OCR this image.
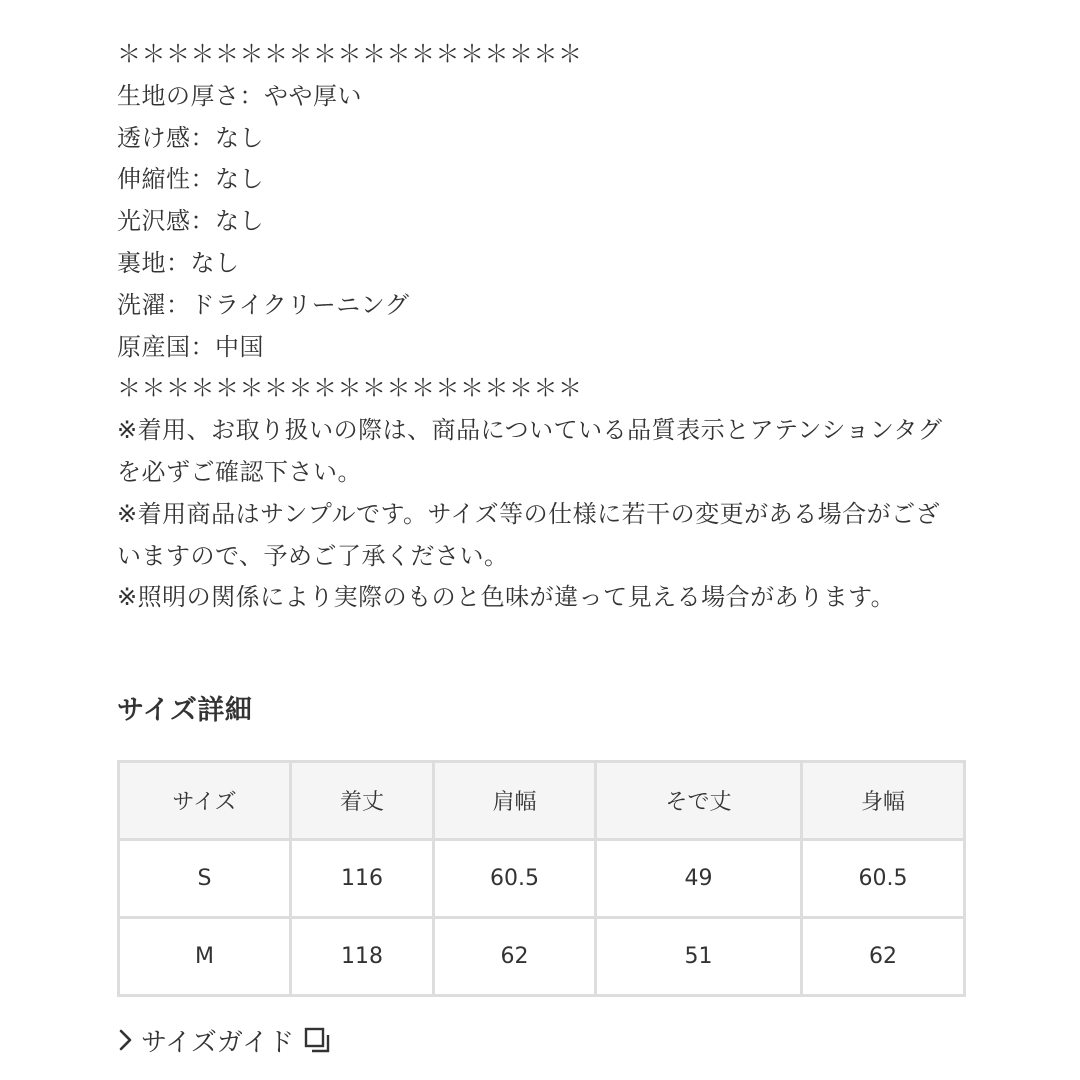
＊＊＊＊＊＊＊＊＊＊＊＊＊＊＊＊＊＊＊
生地の厚さ：やや厚い
透け感：なし
伸縮性：なし
光沢感：なし
裏地：なし
洗濯：ドライクリーニング
原産国：中国
＊＊＊＊＊＊＊＊＊＊＊＊＊＊＊＊＊＊＊
※着用、お取り扱いの際は、商品についている品質表示とアテンションタグを必ずご確認下さい。
※着用商品はサンプルです。サイズ等の仕様に若干の変更がある場合がございますので、予めご了承ください。
※照明の関係により実際のものと色味が違って見える場合があります。
サイズ詳細
サイズ	着丈	肩幅	そで丈	身幅
S	116	60.5	49	60.5
M	118	62	51	62
サイズガイド
